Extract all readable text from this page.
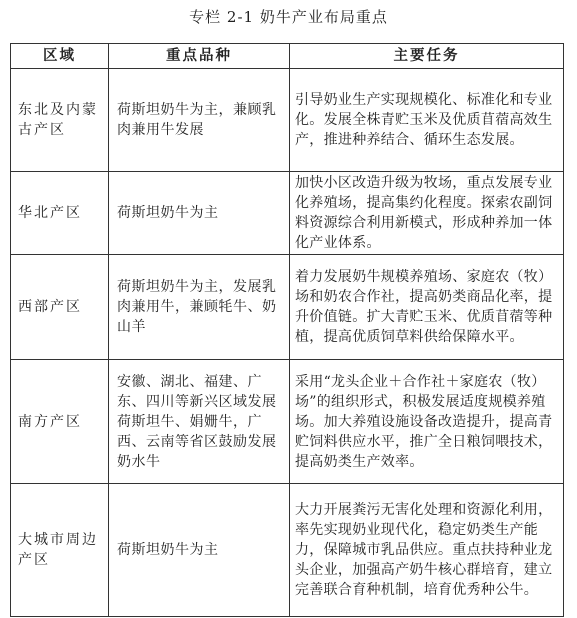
专栏 2-1 奶牛产业布局重点
区域	重点品种	主要任务
东北及内蒙古产区	荷斯坦奶牛为主，兼顾乳肉兼用牛发展	引导奶业生产实现规模化、标准化和专业化。发展全株青贮玉米及优质苜蓿高效生产，推进种养结合、循环生态发展。
华北产区	荷斯坦奶牛为主	加快小区改造升级为牧场，重点发展专业化养殖场，提高集约化程度。探索农副饲料资源综合利用新模式，形成种养加一体化产业体系。
西部产区	荷斯坦奶牛为主，发展乳肉兼用牛，兼顾牦牛、奶山羊	着力发展奶牛规模养殖场、家庭农（牧）场和奶农合作社，提高奶类商品化率，提升价值链。扩大青贮玉米、优质苜蓿等种植，提高优质饲草料供给保障水平。
南方产区	安徽、湖北、福建、广东、四川等新兴区域发展荷斯坦牛、娟姗牛，广西、云南等省区鼓励发展奶水牛	采用“龙头企业＋合作社＋家庭农（牧）场”的组织形式，积极发展适度规模养殖场。加大养殖设施设备改造提升，提高青贮饲料供应水平，推广全日粮饲喂技术，提高奶类生产效率。
大城市周边产区	荷斯坦奶牛为主	大力开展粪污无害化处理和资源化利用，率先实现奶业现代化，稳定奶类生产能力，保障城市乳品供应。重点扶持种业龙头企业，加强高产奶牛核心群培育，建立完善联合育种机制，培育优秀种公牛。
